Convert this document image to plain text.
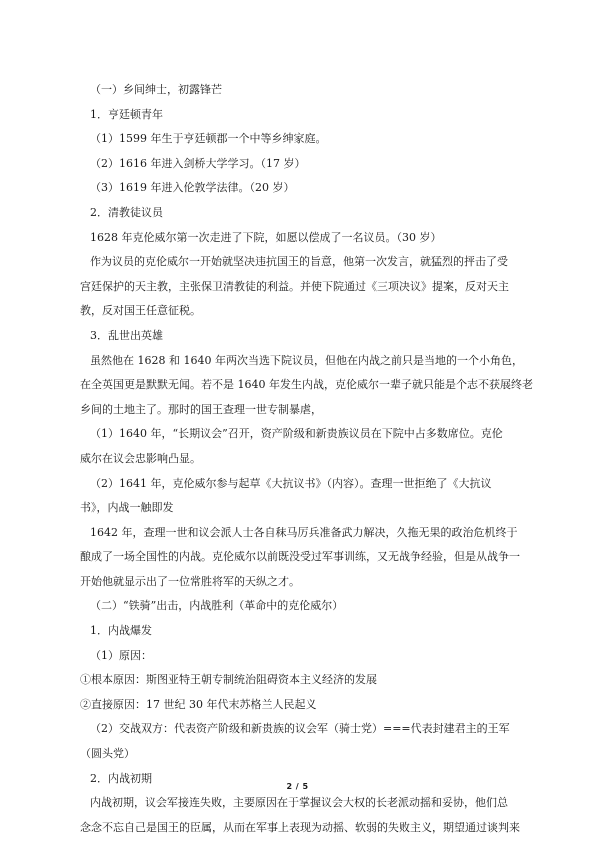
（一）乡间绅士，初露锋芒
1．亨廷顿青年
（1）1599 年生于亨廷顿郡一个中等乡绅家庭。
（2）1616 年进入剑桥大学学习。（17 岁）
（3）1619 年进入伦敦学法律。（20 岁）
2．清教徒议员
1628 年克伦威尔第一次走进了下院，如愿以偿成了一名议员。（30 岁）
作为议员的克伦威尔一开始就坚决违抗国王的旨意，他第一次发言，就猛烈的抨击了受
宫廷保护的天主教，主张保卫清教徒的利益。并使下院通过《三项决议》提案，反对天主
教，反对国王任意征税。
3．乱世出英雄
虽然他在 1628 和 1640 年两次当选下院议员，但他在内战之前只是当地的一个小角色，
在全英国更是默默无闻。若不是 1640 年发生内战，克伦威尔一辈子就只能是个志不获展终老
乡间的土地主了。那时的国王查理一世专制暴虐，
（1）1640 年，“长期议会”召开，资产阶级和新贵族议员在下院中占多数席位。克伦
威尔在议会忠影响凸显。
（2）1641 年，克伦威尔参与起草《大抗议书》（内容）。查理一世拒绝了《大抗议
书》，内战一触即发
1642 年，查理一世和议会派人士各自秣马厉兵准备武力解决，久拖无果的政治危机终于
酿成了一场全国性的内战。克伦威尔以前既没受过军事训练，又无战争经验，但是从战争一
开始他就显示出了一位常胜将军的天纵之才。
（二）“铁骑”出击，内战胜利（革命中的克伦威尔）
1．内战爆发
（1）原因：
①根本原因：斯图亚特王朝专制统治阻碍资本主义经济的发展
②直接原因：17 世纪 30 年代末苏格兰人民起义
（2）交战双方：代表资产阶级和新贵族的议会军（骑士党）===代表封建君主的王军
（圆头党）
2．内战初期
内战初期，议会军接连失败，主要原因在于掌握议会大权的长老派动摇和妥协，他们总
念念不忘自己是国王的臣属，从而在军事上表现为动摇、软弱的失败主义，期望通过谈判来
2 / 5
